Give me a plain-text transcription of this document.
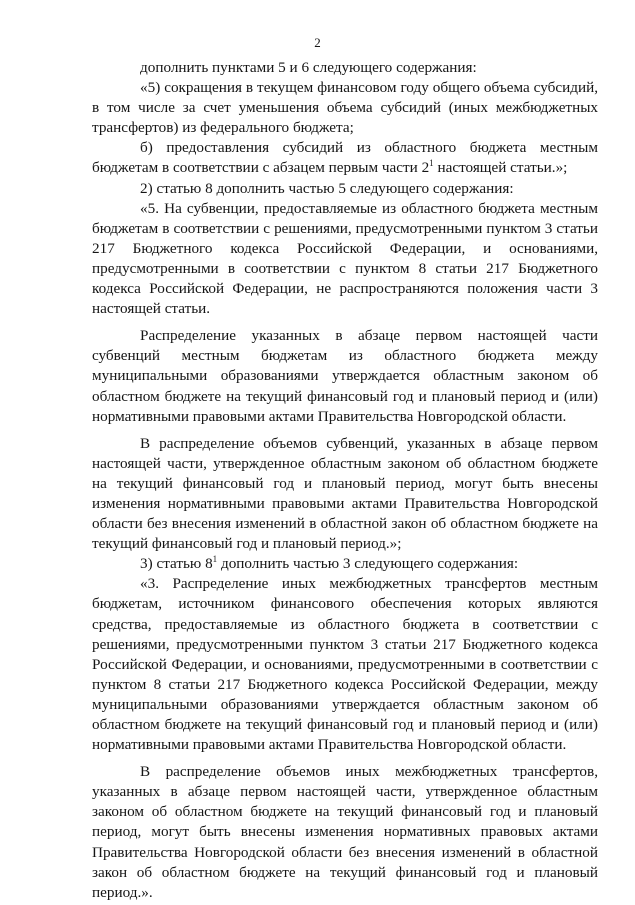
2

дополнить пунктами 5 и 6 следующего содержания:

«5) сокращения в текущем финансовом году общего объема субсидий, в том числе за счет уменьшения объема субсидий (иных межбюджетных трансфертов) из федерального бюджета;

б) предоставления субсидий из областного бюджета местным бюджетам в соответствии с абзацем первым части $2^1$ настоящей статьи.»;

2) статью 8 дополнить частью 5 следующего содержания:

«5. На субвенции, предоставляемые из областного бюджета местным бюджетам в соответствии с решениями, предусмотренными пунктом 3 статьи 217 Бюджетного кодекса Российской Федерации, и основаниями, предусмотренными в соответствии с пунктом 8 статьи 217 Бюджетного кодекса Российской Федерации, не распространяются положения части 3 настоящей статьи.

Распределение указанных в абзаце первом настоящей части субвенций местным бюджетам из областного бюджета между муниципальными образованиями утверждается областным законом об областном бюджете на текущий финансовый год и плановый период и (или) нормативными правовыми актами Правительства Новгородской области.

В распределение объемов субвенций, указанных в абзаце первом настоящей части, утвержденное областным законом об областном бюджете на текущий финансовый год и плановый период, могут быть внесены изменения нормативными правовыми актами Правительства Новгородской области без внесения изменений в областной закон об областном бюджете на текущий финансовый год и плановый период.»;

3) статью $8^1$ дополнить частью 3 следующего содержания:

«3. Распределение иных межбюджетных трансфертов местным бюджетам, источником финансового обеспечения которых являются средства, предоставляемые из областного бюджета в соответствии с решениями, предусмотренными пунктом 3 статьи 217 Бюджетного кодекса Российской Федерации, и основаниями, предусмотренными в соответствии с пунктом 8 статьи 217 Бюджетного кодекса Российской Федерации, между муниципальными образованиями утверждается областным законом об областном бюджете на текущий финансовый год и плановый период и (или) нормативными правовыми актами Правительства Новгородской области.

В распределение объемов иных межбюджетных трансфертов, указанных в абзаце первом настоящей части, утвержденное областным законом об областном бюджете на текущий финансовый год и плановый период, могут быть внесены изменения нормативных правовых актами Правительства Новгородской области без внесения изменений в областной закон об областном бюджете на текущий финансовый год и плановый период.».
